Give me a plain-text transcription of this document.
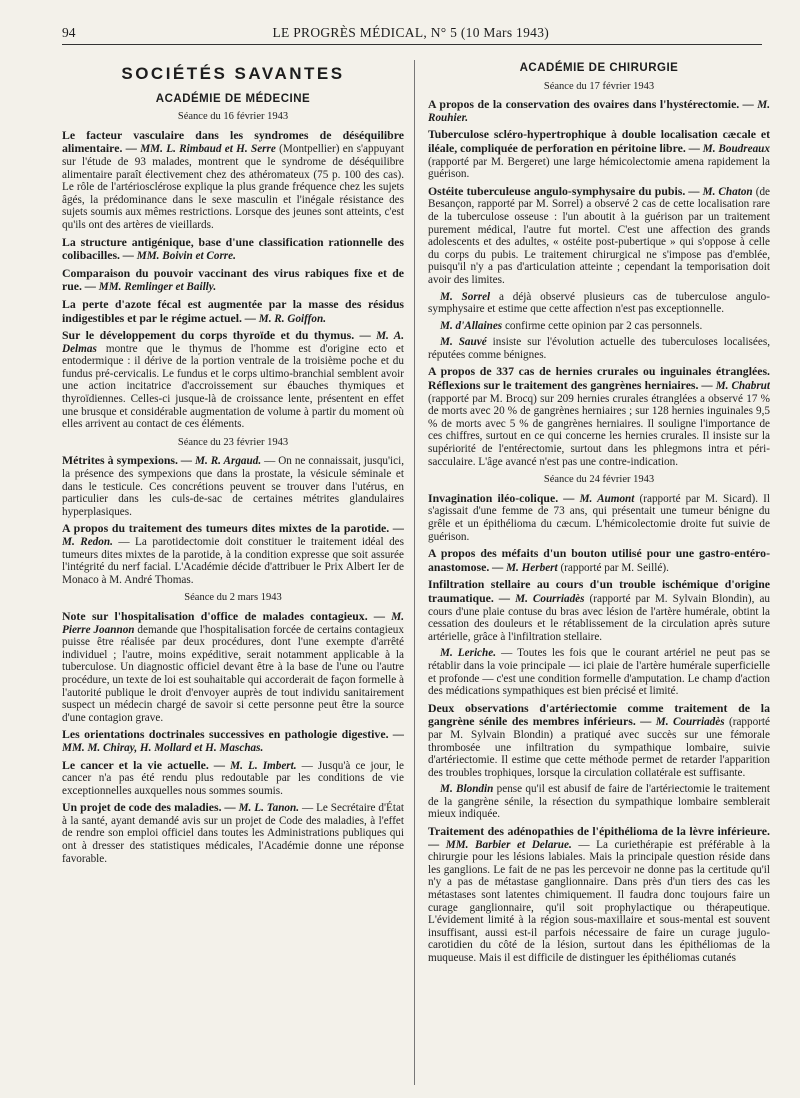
94	LE PROGRÈS MÉDICAL, N° 5 (10 Mars 1943)
SOCIÉTÉS SAVANTES
ACADÉMIE DE MÉDECINE
Séance du 16 février 1943
Le facteur vasculaire dans les syndromes de déséquilibre alimentaire. — MM. L. Rimbaud et H. Serre (Montpellier) en s'appuyant sur l'étude de 93 malades, montrent que le syndrome de déséquilibre alimentaire paraît électivement chez des athéromateux (75 p. 100 des cas). Le rôle de l'artériosclérose explique la plus grande fréquence chez les sujets âgés, la prédominance dans le sexe masculin et l'inégale résistance des sujets soumis aux mêmes restrictions. Lorsque des jeunes sont atteints, c'est qu'ils ont des artères de vieillards.
La structure antigénique, base d'une classification rationnelle des colibacilles. — MM. Boivin et Corre.
Comparaison du pouvoir vaccinant des virus rabiques fixe et de rue. — MM. Remlinger et Bailly.
La perte d'azote fécal est augmentée par la masse des résidus indigestibles et par le régime actuel. — M. R. Goiffon.
Sur le développement du corps thyroïde et du thymus. — M. A. Delmas montre que le thymus de l'homme est d'origine ecto et entodermique : il dérive de la portion ventrale de la troisième poche et du fundus pré-cervicalis. Le fundus et le corps ultimo-branchial semblent avoir une action incitatrice d'accroissement sur ébauches thymiques et thyroïdiennes. Celles-ci jusque-là de croissance lente, présentent en effet une brusque et considérable augmentation de volume à partir du moment où elles arrivent au contact de ces éléments.
Séance du 23 février 1943
Métrites à sympexions. — M. R. Argaud. — On ne connaissait, jusqu'ici, la présence des sympexions que dans la prostate, la vésicule séminale et dans le testicule. Ces concrétions peuvent se trouver dans l'utérus, en particulier dans les culs-de-sac de certaines métrites glandulaires hyperplasiques.
A propos du traitement des tumeurs dites mixtes de la parotide. — M. Redon. — La parotidectomie doit constituer le traitement idéal des tumeurs dites mixtes de la parotide, à la condition expresse que soit assurée l'intégrité du nerf facial. L'Académie décide d'attribuer le Prix Albert Ier de Monaco à M. André Thomas.
Séance du 2 mars 1943
Note sur l'hospitalisation d'office de malades contagieux. — M. Pierre Joannon demande que l'hospitalisation forcée de certains contagieux puisse être réalisée par deux procédures, dont l'une exempte d'arrêté individuel ; l'autre, moins expéditive, serait notamment applicable à la tuberculose. Un diagnostic officiel devant être à la base de l'une ou l'autre procédure, un texte de loi est souhaitable qui accorderait de façon formelle à l'autorité publique le droit d'envoyer auprès de tout individu sanitairement suspect un médecin chargé de savoir si cette personne peut être la source d'une contagion grave.
Les orientations doctrinales successives en pathologie digestive. — MM. M. Chiray, H. Mollard et H. Maschas.
Le cancer et la vie actuelle. — M. L. Imbert. — Jusqu'à ce jour, le cancer n'a pas été rendu plus redoutable par les conditions de vie exceptionnelles auxquelles nous sommes soumis.
Un projet de code des maladies. — M. L. Tanon. — Le Secrétaire d'État à la santé, ayant demandé avis sur un projet de Code des maladies, à l'effet de rendre son emploi officiel dans toutes les Administrations publiques qui ont à dresser des statistiques médicales, l'Académie donne une réponse favorable.
ACADÉMIE DE CHIRURGIE
Séance du 17 février 1943
A propos de la conservation des ovaires dans l'hystérectomie. — M. Rouhier.
Tuberculose scléro-hypertrophique à double localisation cæcale et iléale, compliquée de perforation en péritoine libre. — M. Boudreaux (rapporté par M. Bergeret) une large hémicolectomie amena rapidement la guérison.
Ostéite tuberculeuse angulo-symphysaire du pubis. — M. Chaton (de Besançon, rapporté par M. Sorrel) a observé 2 cas de cette localisation rare de la tuberculose osseuse : l'un aboutit à la guérison par un traitement purement médical, l'autre fut mortel. C'est une affection des grands adolescents et des adultes, « ostéite post-pubertique » qui s'oppose à celle du corps du pubis. Le traitement chirurgical ne s'impose pas d'emblée, puisqu'il n'y a pas d'articulation atteinte ; cependant la temporisation doit avoir des limites.
M. Sorrel a déjà observé plusieurs cas de tuberculose angulo-symphysaire et estime que cette affection n'est pas exceptionnelle.
M. d'Allaines confirme cette opinion par 2 cas personnels.
M. Sauvé insiste sur l'évolution actuelle des tuberculoses localisées, réputées comme bénignes.
A propos de 337 cas de hernies crurales ou inguinales étranglées. Réflexions sur le traitement des gangrènes herniaires. — M. Chabrut (rapporté par M. Brocq) sur 209 hernies crurales étranglées a observé 17 % de morts avec 20 % de gangrènes herniaires ; sur 128 hernies inguinales 9,5 % de morts avec 5 % de gangrènes herniaires. Il souligne l'importance de ces chiffres, surtout en ce qui concerne les hernies crurales. Il insiste sur la supériorité de l'entérectomie, surtout dans les phlegmons intra et péri-sacculaire. L'âge avancé n'est pas une contre-indication.
Séance du 24 février 1943
Invagination iléo-colique. — M. Aumont (rapporté par M. Sicard). Il s'agissait d'une femme de 73 ans, qui présentait une tumeur bénigne du grêle et un épithélioma du cæcum. L'hémicolectomie droite fut suivie de guérison.
A propos des méfaits d'un bouton utilisé pour une gastro-entéro-anastomose. — M. Herbert (rapporté par M. Seillé).
Infiltration stellaire au cours d'un trouble ischémique d'origine traumatique. — M. Courriadès (rapporté par M. Sylvain Blondin), au cours d'une plaie contuse du bras avec lésion de l'artère humérale, obtint la cessation des douleurs et le rétablissement de la circulation après suture artérielle, grâce à l'infiltration stellaire.
M. Leriche. — Toutes les fois que le courant artériel ne peut pas se rétablir dans la voie principale — ici plaie de l'artère humérale superficielle et profonde — c'est une condition formelle d'amputation. Le champ d'action des médications sympathiques est bien précisé et limité.
Deux observations d'artériectomie comme traitement de la gangrène sénile des membres inférieurs. — M. Courriadès (rapporté par M. Sylvain Blondin) a pratiqué avec succès sur une fémorale thrombosée une infiltration du sympathique lombaire, suivie d'artériectomie. Il estime que cette méthode permet de retarder l'apparition des troubles trophiques, lorsque la circulation collatérale est suffisante.
M. Blondin pense qu'il est abusif de faire de l'artériectomie le traitement de la gangrène sénile, la résection du sympathique lombaire semblerait mieux indiquée.
Traitement des adénopathies de l'épithélioma de la lèvre inférieure. — MM. Barbier et Delarue. — La curiethérapie est préférable à la chirurgie pour les lésions labiales. Mais la principale question réside dans les ganglions. Le fait de ne pas les percevoir ne donne pas la certitude qu'il n'y a pas de métastase ganglionnaire. Dans près d'un tiers des cas les métastases sont latentes chimiquement. Il faudra donc toujours faire un curage ganglionnaire, qu'il soit prophylactique ou thérapeutique. L'évidement limité à la région sous-maxillaire et sous-mental est souvent insuffisant, aussi est-il parfois nécessaire de faire un curage jugulo-carotidien du côté de la lésion, surtout dans les épithéliomas de la muqueuse. Mais il est difficile de distinguer les épithéliomas cutanés
